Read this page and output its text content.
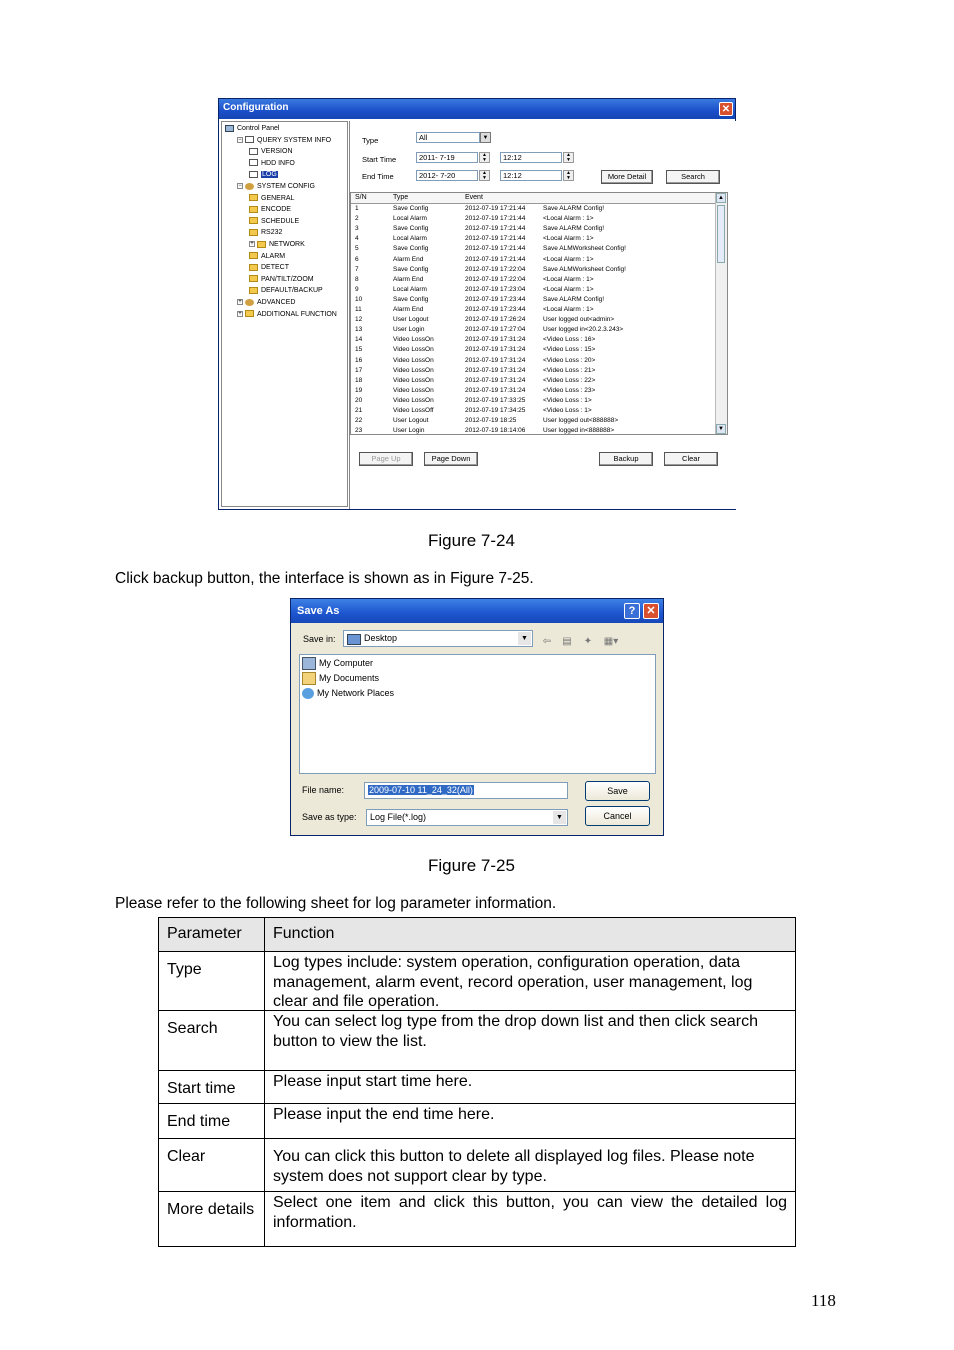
Configuration	✕
Control Panel
− QUERY SYSTEM INFO
VERSION
HDD INFO
LOG
− SYSTEM CONFIG
GENERAL
ENCODE
SCHEDULE
RS232
+ NETWORK
ALARM
DETECT
PAN/TILT/ZOOM
DEFAULT/BACKUP
+ ADVANCED
+ ADDITIONAL FUNCTION
Type	All	▼
Start Time	2011- 7-19	▲
▼	12:12	▲
▼
End Time	2012- 7-20	▲
▼	12:12	▲
▼	More Detail	Search
Page Up	Page Down	Backup	Clear
S/N	Type	Event
1	Save Config	2012-07-19 17:21:44	Save ALARM Config!
2	Local Alarm	2012-07-19 17:21:44	<Local Alarm : 1>
3	Save Config	2012-07-19 17:21:44	Save ALARM Config!
4	Local Alarm	2012-07-19 17:21:44	<Local Alarm : 1>
5	Save Config	2012-07-19 17:21:44	Save ALMWorksheet Config!
6	Alarm End	2012-07-19 17:21:44	<Local Alarm : 1>
7	Save Config	2012-07-19 17:22:04	Save ALMWorksheet Config!
8	Alarm End	2012-07-19 17:22:04	<Local Alarm : 1>
9	Local Alarm	2012-07-19 17:23:04	<Local Alarm : 1>
10	Save Config	2012-07-19 17:23:44	Save ALARM Config!
11	Alarm End	2012-07-19 17:23:44	<Local Alarm : 1>
12	User Logout	2012-07-19 17:26:24	User logged out<admin>
13	User Login	2012-07-19 17:27:04	User logged in<20.2.3.243>
14	Video LossOn	2012-07-19 17:31:24	<Video Loss : 16>
15	Video LossOn	2012-07-19 17:31:24	<Video Loss : 15>
16	Video LossOn	2012-07-19 17:31:24	<Video Loss : 20>
17	Video LossOn	2012-07-19 17:31:24	<Video Loss : 21>
18	Video LossOn	2012-07-19 17:31:24	<Video Loss : 22>
19	Video LossOn	2012-07-19 17:31:24	<Video Loss : 23>
20	Video LossOn	2012-07-19 17:33:25	<Video Loss : 1>
21	Video LossOff	2012-07-19 17:34:25	<Video Loss : 1>
22	User Logout	2012-07-19 18:25	User logged out<888888>
23	User Login	2012-07-19 18:14:06	User logged in<888888>
▲
▼
Figure 7-24
Click backup button, the interface is shown as in Figure 7-25.
Save As	?	✕
Save in:	Desktop	▼	⇦ ▤ ✦ ▦▾
My Computer
My Documents
My Network Places
File name:	2009-07-10 11_24_32(All)	Save
Save as type:	Log File(*.log)	▼	Cancel
Figure 7-25
Please refer to the following sheet for log parameter information.
Parameter	Function
Type	Log types include: system operation, configuration operation, data management, alarm event, record operation, user management, log clear and file operation.
Search	You can select log type from the drop down list and then click search button to view the list.
Start time	Please input start time here.
End time	Please input the end time here.
Clear	You can click this button to delete all displayed log files. Please note system does not support clear by type.
More details	Select one item and click this button, you can view the detailed log information.
118
